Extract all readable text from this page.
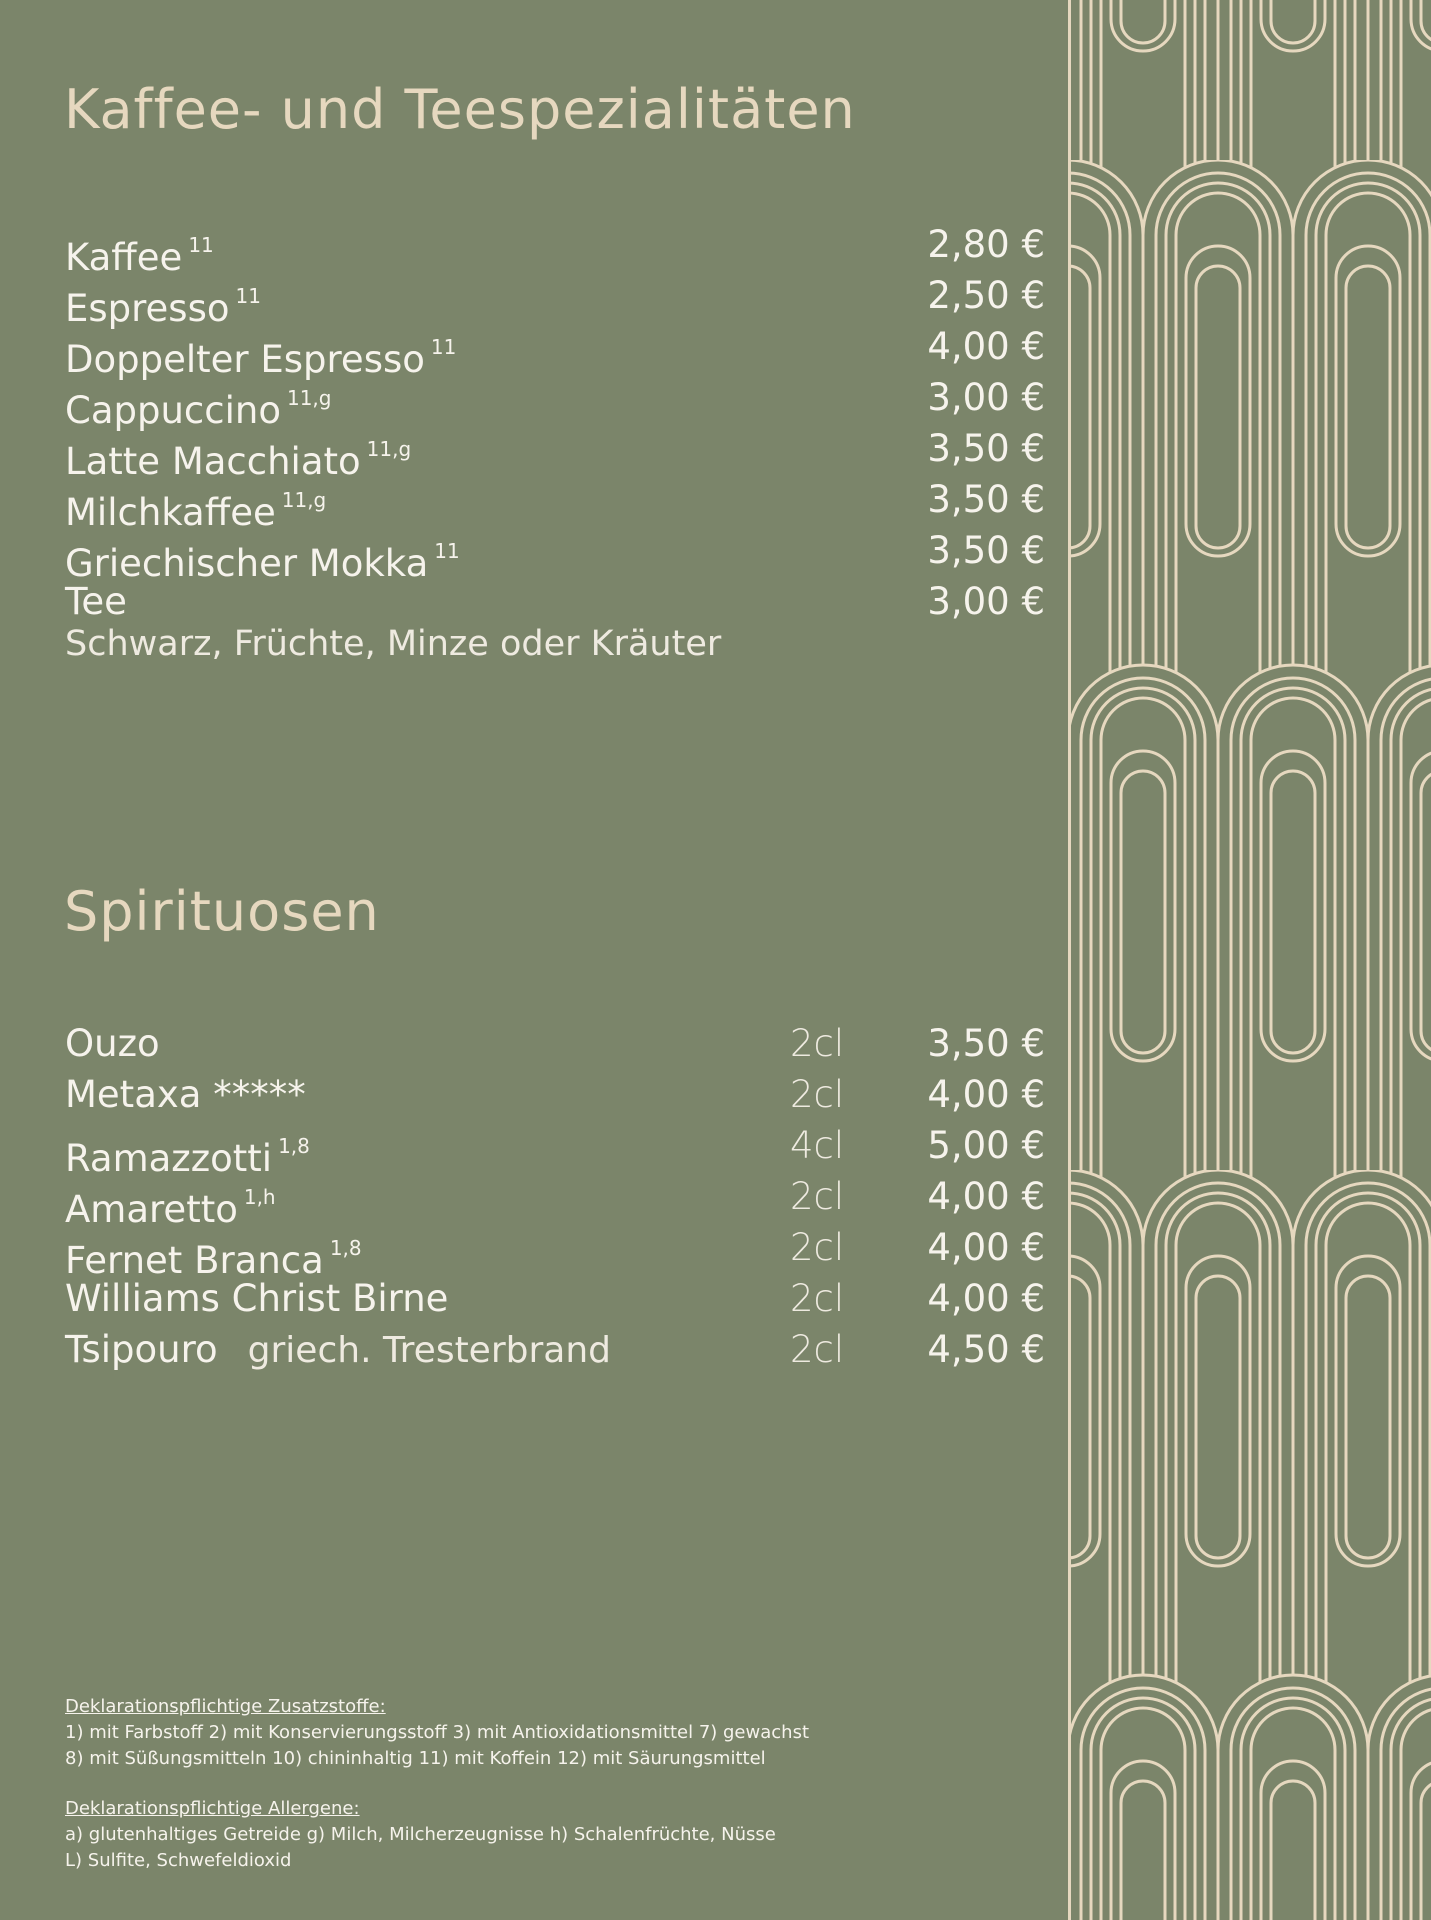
Kaffee- und Teespezialitäten
Kaffee $^{11}$	2,80 €
Espresso $^{11}$	2,50 €
Doppelter Espresso $^{11}$	4,00 €
Cappuccino $^{11,g}$	3,00 €
Latte Macchiato $^{11,g}$	3,50 €
Milchkaffee $^{11,g}$	3,50 €
Griechischer Mokka $^{11}$	3,50 €
Tee	3,00 €
Schwarz, Früchte, Minze oder Kräuter
Spirituosen
Ouzo	2cl 3,50 €
Metaxa *****	2cl 4,00 €
Ramazzotti $^{1,8}$	4cl 5,00 €
Amaretto $^{1,h}$	2cl 4,00 €
Fernet Branca $^{1,8}$	2cl 4,00 €
Williams Christ Birne	2cl 4,00 €
Tsipouro griech. Tresterbrand	2cl 4,50 €
Deklarationspflichtige Zusatzstoffe:
1) mit Farbstoff 2) mit Konservierungsstoff 3) mit Antioxidationsmittel 7) gewachst
8) mit Süßungsmitteln 10) chininhaltig 11) mit Koffein 12) mit Säurungsmittel
Deklarationspflichtige Allergene:
a) glutenhaltiges Getreide g) Milch, Milcherzeugnisse h) Schalenfrüchte, Nüsse
L) Sulfite, Schwefeldioxid
